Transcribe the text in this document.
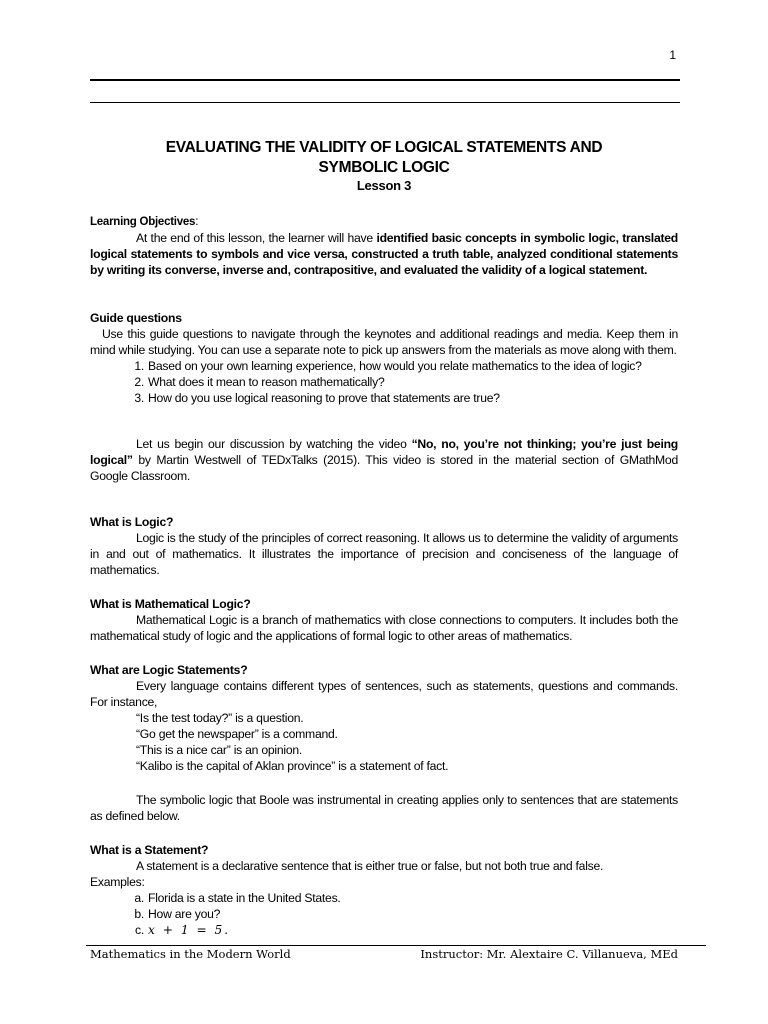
1

EVALUATING THE VALIDITY OF LOGICAL STATEMENTS AND

SYMBOLIC LOGIC

Lesson 3

Learning Objectives:

At the end of this lesson, the learner will have identified basic concepts in symbolic logic, translated logical statements to symbols and vice versa, constructed a truth table, analyzed conditional statements by writing its converse, inverse and, contrapositive, and evaluated the validity of a logical statement.

Guide questions

Use this guide questions to navigate through the keynotes and additional readings and media. Keep them in mind while studying. You can use a separate note to pick up answers from the materials as move along with them.

1. Based on your own learning experience, how would you relate mathematics to the idea of logic?
2. What does it mean to reason mathematically?
3. How do you use logical reasoning to prove that statements are true?

Let us begin our discussion by watching the video “No, no, you’re not thinking; you’re just being logical” by Martin Westwell of TEDxTalks (2015). This video is stored in the material section of GMathMod Google Classroom.

What is Logic?

Logic is the study of the principles of correct reasoning. It allows us to determine the validity of arguments in and out of mathematics. It illustrates the importance of precision and conciseness of the language of mathematics.

What is Mathematical Logic?

Mathematical Logic is a branch of mathematics with close connections to computers. It includes both the mathematical study of logic and the applications of formal logic to other areas of mathematics.

What are Logic Statements?

Every language contains different types of sentences, such as statements, questions and commands. For instance,

“Is the test today?” is a question.

“Go get the newspaper” is a command.

“This is a nice car” is an opinion.

“Kalibo is the capital of Aklan province” is a statement of fact.

The symbolic logic that Boole was instrumental in creating applies only to sentences that are statements as defined below.

What is a Statement?

A statement is a declarative sentence that is either true or false, but not both true and false.

Examples:

a. Florida is a state in the United States.
b. How are you?
c. x + 1 = 5.
Mathematics in the Modern World	Instructor: Mr. Alextaire C. Villanueva, MEd
